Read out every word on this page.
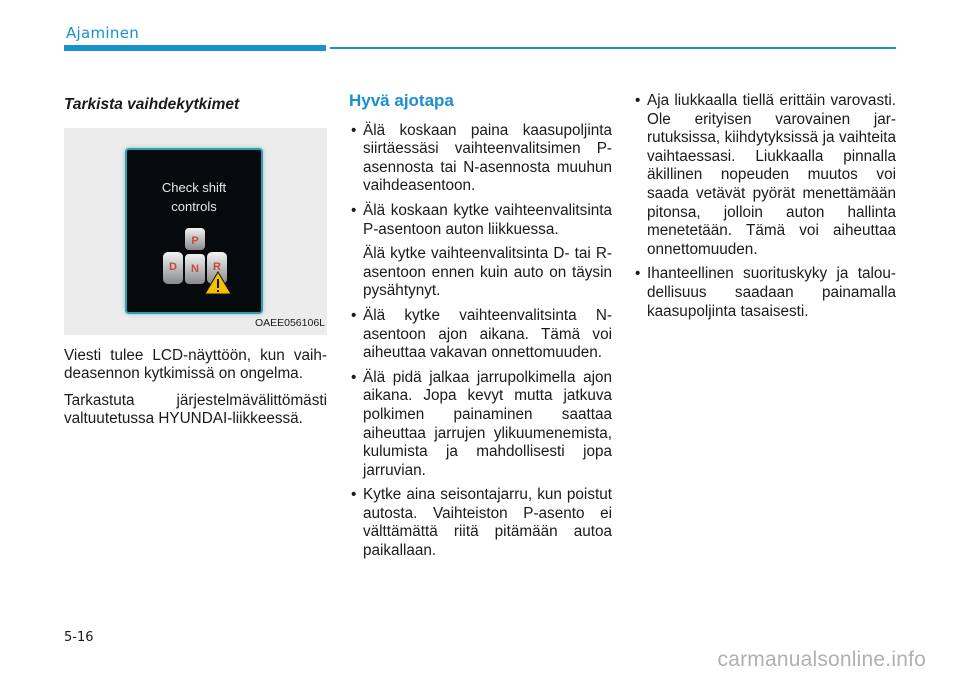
Ajaminen
Tarkista vaihdekytkimet
Check shift
controls
P
D N R
OAEE056106L

Viesti tulee LCD-näyttöön, kun vaihdeasennon kytkimissä on ongelma.

Tarkastuta järjestelmävälittömästi valtuutetussa HYUNDAI-liikkeessä.

Hyvä ajotapa
• Älä koskaan paina kaasupoljinta siirtäessäsi vaihteenvalitsimen P-asennosta tai N-asennosta muuhun vaihdeasentoon.
• Älä koskaan kytke vaihteenvalitsinta P-asentoon auton liikkuessa.
Älä kytke vaihteenvalitsinta D- tai R-asentoon ennen kuin auto on täysin pysähtynyt.
• Älä kytke vaihteenvalitsinta N-asentoon ajon aikana. Tämä voi aiheuttaa vakavan onnettomuuden.
• Älä pidä jalkaa jarrupolkimella ajon aikana. Jopa kevyt mutta jatkuva polkimen painaminen saattaa aiheuttaa jarrujen ylikuumenemista, kulumista ja mahdollisesti jopa jarruvian.
• Kytke aina seisontajarru, kun poistut autosta. Vaihteiston P-asento ei välttämättä riitä pitämään autoa paikallaan.
• Aja liukkaalla tiellä erittäin varovasti. Ole erityisen varovainen jarrutuksissa, kiihdytyksissä ja vaihteita vaihtaessasi. Liukkaalla pinnalla äkillinen nopeuden muutos voi saada vetävät pyörät menettämään pitonsa, jolloin auton hallinta menetetään. Tämä voi aiheuttaa onnettomuuden.
• Ihanteellinen suorituskyky ja taloudellisuus saadaan painamalla kaasupoljinta tasaisesti.
5-16
carmanualsonline.info
